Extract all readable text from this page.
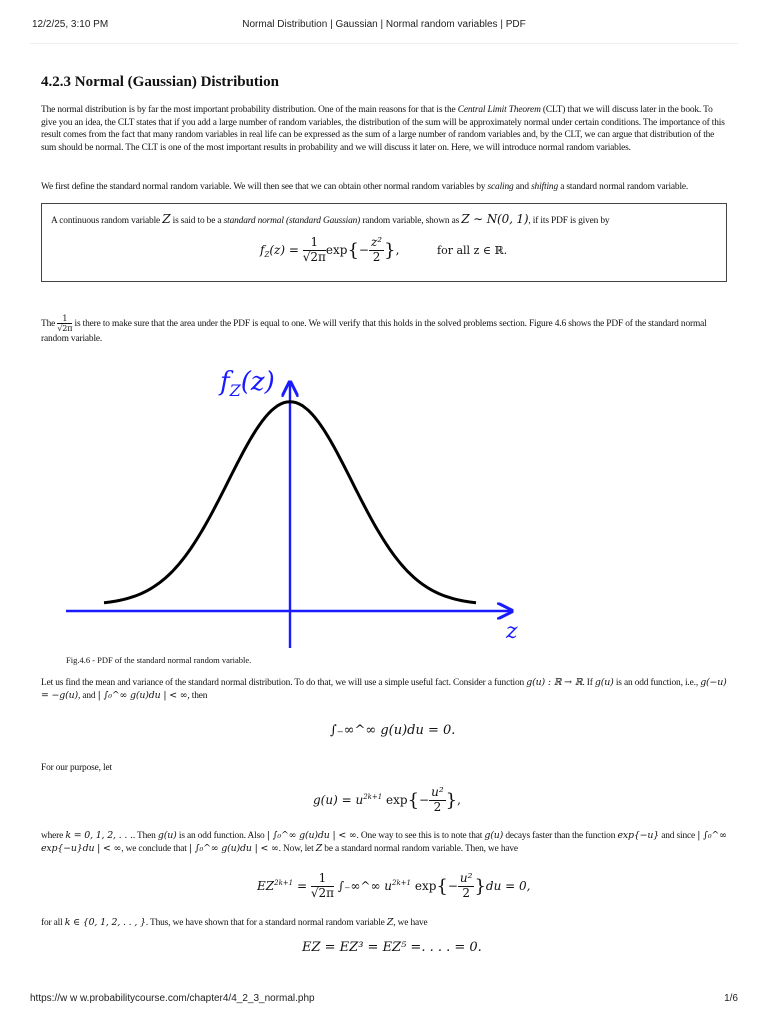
12/2/25, 3:10 PM	Normal Distribution | Gaussian | Normal random variables | PDF
4.2.3 Normal (Gaussian) Distribution
The normal distribution is by far the most important probability distribution. One of the main reasons for that is the Central Limit Theorem (CLT) that we will discuss later in the book. To give you an idea, the CLT states that if you add a large number of random variables, the distribution of the sum will be approximately normal under certain conditions. The importance of this result comes from the fact that many random variables in real life can be expressed as the sum of a large number of random variables and, by the CLT, we can argue that distribution of the sum should be normal. The CLT is one of the most important results in probability and we will discuss it later on. Here, we will introduce normal random variables.
We first define the standard normal random variable. We will then see that we can obtain other normal random variables by scaling and shifting a standard normal random variable.
A continuous random variable Z is said to be a standard normal (standard Gaussian) random variable, shown as Z ∼ N(0, 1), if its PDF is given by
$f_Z(z) = \frac{1}{√2\pi} \exp\{- \frac{\text{z²}}{2}$ },	for all z ∈ ℝ.
The $\frac{1}{√2\pi}$ is there to make sure that the area under the PDF is equal to one. We will verify that this holds in the solved problems section. Figure 4.6 shows the PDF of the standard normal random variable.
$f_Z(z)$
z
Fig.4.6 - PDF of the standard normal random variable.
Let us find the mean and variance of the standard normal distribution. To do that, we will use a simple useful fact. Consider a function g(u) : ℝ → ℝ. If g(u) is an odd function, i.e., g(−u) = −g(u), and | ∫₀^∞ g(u)du | < ∞, then
∫₋∞^∞ g(u)du = 0.
For our purpose, let
$g(u) = u^{2k+1}$ $\exp\{- \frac{\text{u²}}{2}$ },
where k = 0, 1, 2, . . .. Then g(u) is an odd function. Also | ∫₀^∞ g(u)du | < ∞. One way to see this is to note that g(u) decays faster than the function exp{−u} and since | ∫₀^∞ exp{−u}du | < ∞, we conclude that | ∫₀^∞ g(u)du | < ∞. Now, let Z be a standard normal random variable. Then, we have
$EZ^{2k+1} = \frac{1}{√2\pi}$ ∫₋∞^∞ $u^{2k+1}$ $\exp\{- \frac{\text{u²}}{2} \}du = 0$,
for all k ∈ {0, 1, 2, . . , }. Thus, we have shown that for a standard normal random variable Z, we have
EZ = EZ³ = EZ⁵ =. . . . = 0.
https://w w w.probabilitycourse.com/chapter4/4_2_3_normal.php	1/6
